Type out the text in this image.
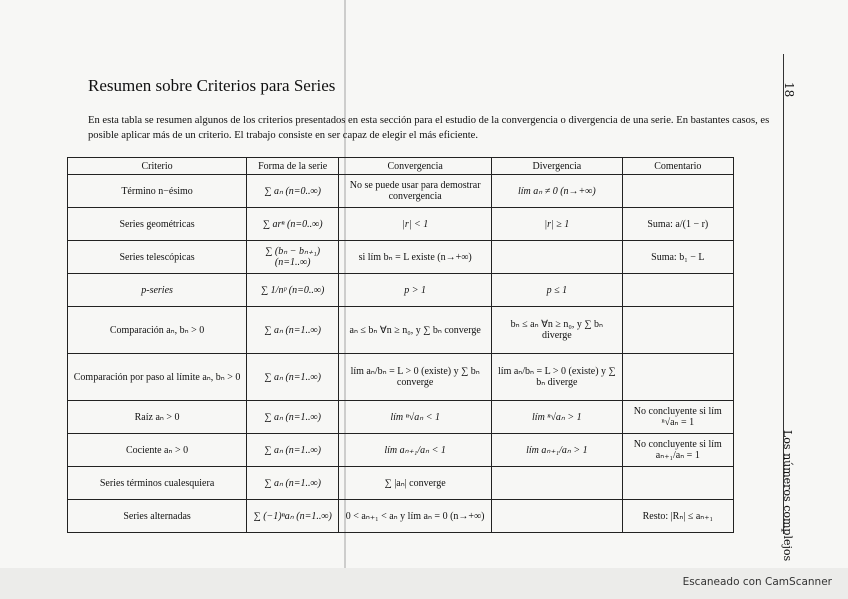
Resumen sobre Criterios para Series
En esta tabla se resumen algunos de los criterios presentados en esta sección para el estudio de la convergencia o divergencia de una serie. En bastantes casos, es posible aplicar más de un criterio. El trabajo consiste en ser capaz de elegir el más eficiente.
18
Los números complejos
Criterio	Forma de la serie	Convergencia	Divergencia	Comentario
Término n−ésimo	∑ aₙ (n=0..∞)	No se puede usar para demostrar convergencia	lím aₙ ≠ 0 (n→+∞)	
Series geométricas	∑ arⁿ (n=0..∞)	|r| < 1	|r| ≥ 1	Suma: a/(1 − r)
Series telescópicas	∑ (bₙ − bₙ₊₁) (n=1..∞)	si lím bₙ = L existe (n→+∞)		Suma: b₁ − L
p-series	∑ 1/nᵖ (n=0..∞)	p > 1	p ≤ 1	
Comparación aₙ, bₙ > 0	∑ aₙ (n=1..∞)	aₙ ≤ bₙ ∀n ≥ n₀, y ∑ bₙ converge	bₙ ≤ aₙ ∀n ≥ n₀, y ∑ bₙ diverge	
Comparación por paso al límite aₙ, bₙ > 0	∑ aₙ (n=1..∞)	lím aₙ/bₙ = L > 0 (existe) y ∑ bₙ converge	lím aₙ/bₙ = L > 0 (existe) y ∑ bₙ diverge	
Raíz aₙ > 0	∑ aₙ (n=1..∞)	lím ⁿ√aₙ < 1	lím ⁿ√aₙ > 1	No concluyente si lím ⁿ√aₙ = 1
Cociente aₙ > 0	∑ aₙ (n=1..∞)	lím aₙ₊₁/aₙ < 1	lím aₙ₊₁/aₙ > 1	No concluyente si lím aₙ₊₁/aₙ = 1
Series términos cualesquiera	∑ aₙ (n=1..∞)	∑ |aₙ| converge		
Series alternadas	∑ (−1)ⁿaₙ (n=1..∞)	0 < aₙ₊₁ < aₙ y lím aₙ = 0 (n→+∞)		Resto: |Rₙ| ≤ aₙ₊₁
Escaneado con CamScanner
